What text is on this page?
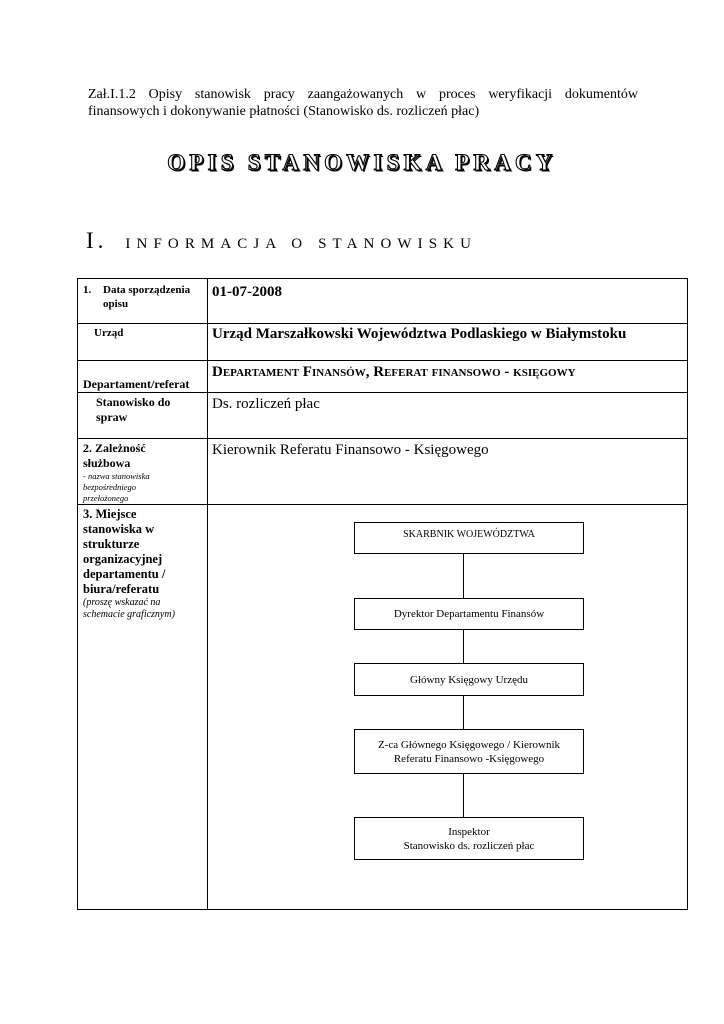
Zał.I.1.2 Opisy stanowisk pracy zaangażowanych w proces weryfikacji dokumentów finansowych i dokonywanie płatności (Stanowisko ds. rozliczeń płac)
OPIS STANOWISKA PRACY
I. INFORMACJA O STANOWISKU
1. Data sporządzenia opisu
01-07-2008
Urząd	Urząd Marszałkowski Województwa Podlaskiego w Białymstoku
Departament/referat
Departament Finansów, Referat finansowo - księgowy
Stanowisko do spraw
Ds. rozliczeń płac
2. Zależność służbowa
- nazwa stanowiska bezpośredniego przełożonego
Kierownik Referatu Finansowo - Księgowego
3. Miejsce stanowiska w strukturze organizacyjnej departamentu / biura/referatu
(proszę wskazać na schemacie graficznym)
SKARBNIK WOJEWÓDZTWA
Dyrektor Departamentu Finansów
Główny Księgowy Urzędu
Z-ca Głównego Księgowego / Kierownik
Referatu Finansowo -Księgowego
Inspektor
Stanowisko ds. rozliczeń płac
